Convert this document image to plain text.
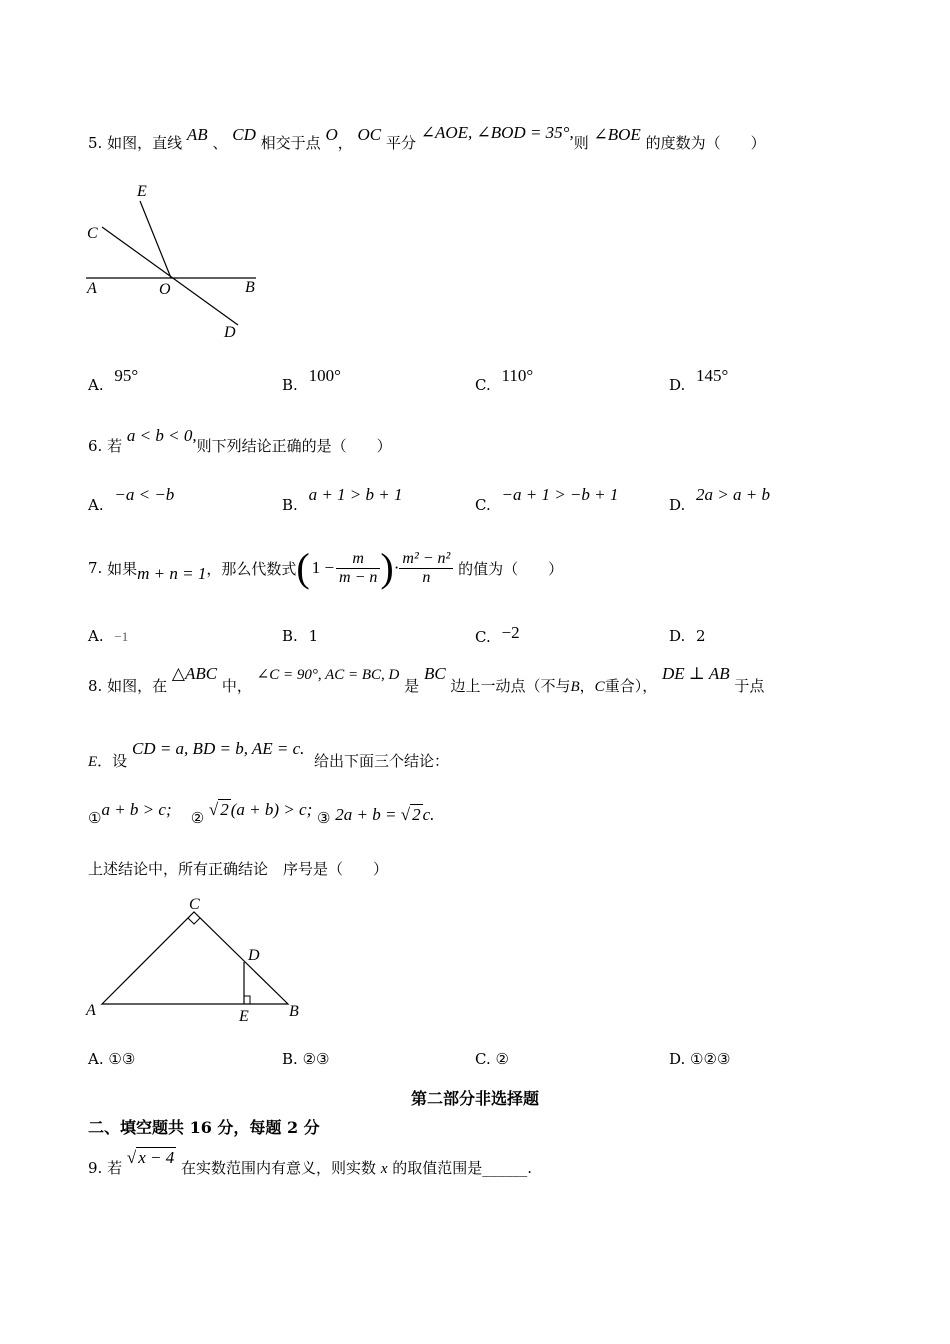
5. 如图，直线 AB 、 CD 相交于点 O， OC 平分 ∠AOE, ∠BOD = 35°,则 ∠BOE 的度数为（　　）
E
C
A	O	B
D
A. 95°	B. 100°	C. 110°	D. 145°
6. 若 a < b < 0,则下列结论正确的是（　　）
A. −a < −b
B. a + 1 > b + 1
C. −a + 1 > −b + 1
D. 2a > a + b
7.
如果 m + n = 1 ，那么代数式 ( $1 - \frac{m}{m - n}$ ) · $\frac{\text{m² − n²}}{n}$
的值为（　　）
A. −1	B. 1	C. −2	D. 2
8. 如图，在 △ABC 中， ∠C = 90°, AC = BC, D 是 BC 边上一动点（不与B，C重合）， DE ⊥ AB 于点
E．设 CD = a, BD = b, AE = c.  给出下面三个结论：
①a + b > c; ② √ 2 (a + b) > c; ③ 2a + b = √ 2 c.
上述结论中，所有正确结论　序号是（　　）
C
D
A	E	B
A. ①③	B. ②③	C. ②	D. ①②③
第二部分非选择题
二、填空题共 16 分，每题 2 分
9. 若 √ x − 4 在实数范围内有意义，则实数 x 的取值范围是______.
